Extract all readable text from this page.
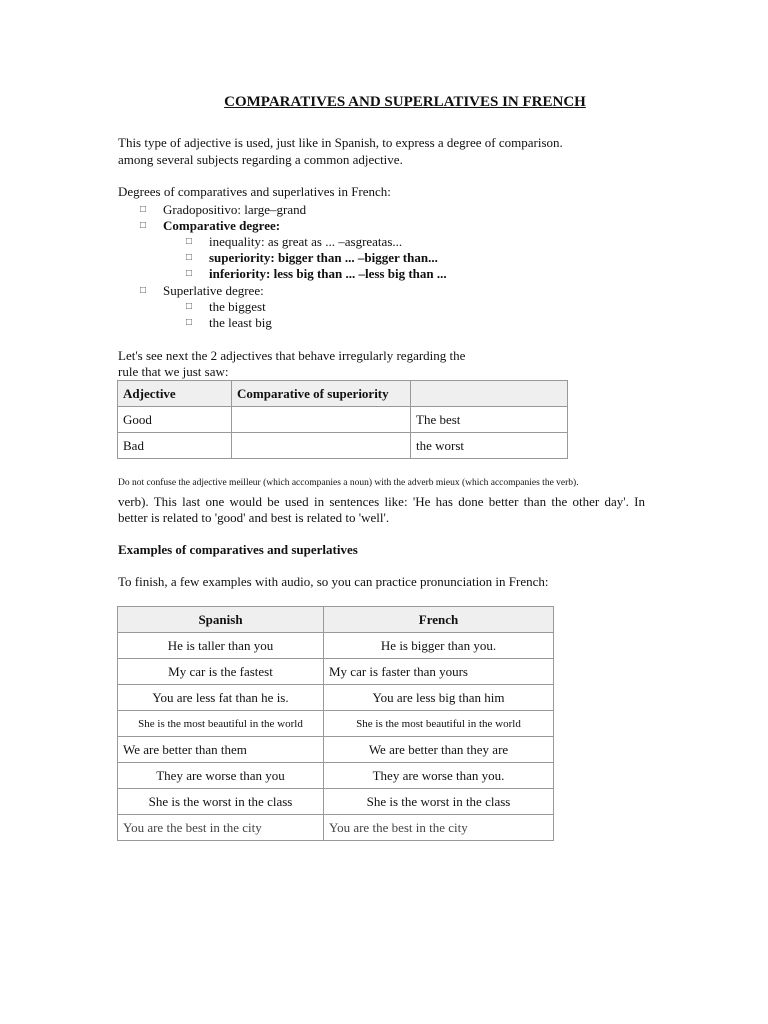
COMPARATIVES AND SUPERLATIVES IN FRENCH
This type of adjective is used, just like in Spanish, to express a degree of comparison.
among several subjects regarding a common adjective.
Degrees of comparatives and superlatives in French:
□
Gradopositivo: large–grand
□
Comparative degree:
□
inequality: as great as ... –asgreatas...
□
superiority: bigger than ... –bigger than...
□
inferiority: less big than ... –less big than ...
□
Superlative degree:
□
the biggest
□
the least big
Let's see next the 2 adjectives that behave irregularly regarding the
rule that we just saw:
Adjective	Comparative of superiority	
Good		The best
Bad		the worst
Do not confuse the adjective meilleur (which accompanies a noun) with the adverb mieux (which accompanies the verb).
verb). This last one would be used in sentences like: 'He has done better than the other day'. In
better is related to 'good' and best is related to 'well'.
Examples of comparatives and superlatives
To finish, a few examples with audio, so you can practice pronunciation in French:
Spanish	French
He is taller than you	He is bigger than you.
My car is the fastest	My car is faster than yours
You are less fat than he is.	You are less big than him
She is the most beautiful in the world	She is the most beautiful in the world
We are better than them	We are better than they are
They are worse than you	They are worse than you.
She is the worst in the class	She is the worst in the class
You are the best in the city	You are the best in the city
